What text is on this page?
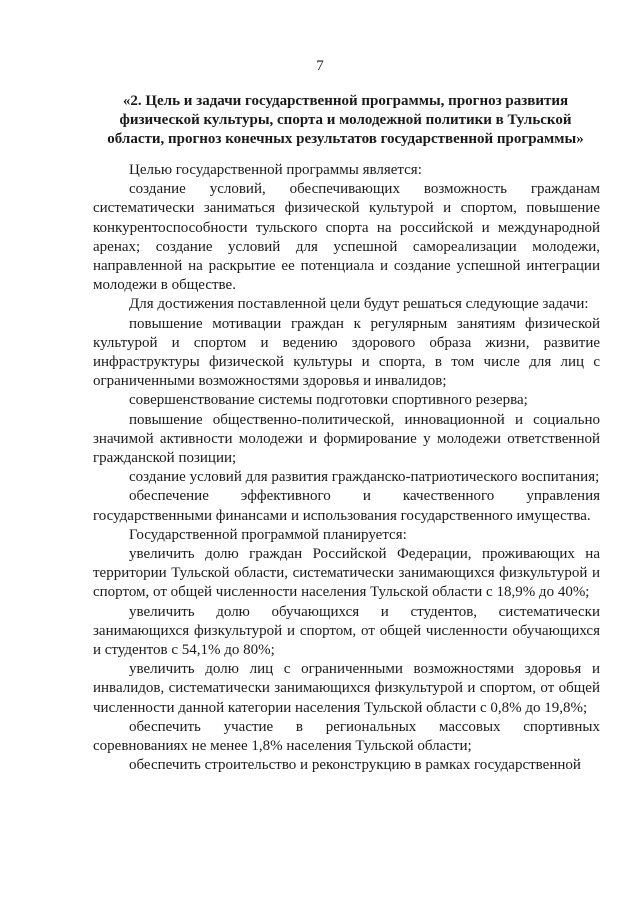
7
«2. Цель и задачи государственной программы, прогноз развития физической культуры, спорта и молодежной политики в Тульской области, прогноз конечных результатов государственной программы»

Целью государственной программы является:

создание условий, обеспечивающих возможность гражданам систематически заниматься физической культурой и спортом, повышение конкурентоспособности тульского спорта на российской и международной аренах; создание условий для успешной самореализации молодежи, направленной на раскрытие ее потенциала и создание успешной интеграции молодежи в обществе.

Для достижения поставленной цели будут решаться следующие задачи:

повышение мотивации граждан к регулярным занятиям физической культурой и спортом и ведению здорового образа жизни, развитие инфраструктуры физической культуры и спорта, в том числе для лиц с ограниченными возможностями здоровья и инвалидов;

совершенствование системы подготовки спортивного резерва;

повышение общественно-политической, инновационной и социально значимой активности молодежи и формирование у молодежи ответственной гражданской позиции;

создание условий для развития гражданско-патриотического воспитания;

обеспечение эффективного и качественного управления государственными финансами и использования государственного имущества.

Государственной программой планируется:

увеличить долю граждан Российской Федерации, проживающих на территории Тульской области, систематически занимающихся физкультурой и спортом, от общей численности населения Тульской области с 18,9% до 40%;

увеличить долю обучающихся и студентов, систематически занимающихся физкультурой и спортом, от общей численности обучающихся и студентов с 54,1% до 80%;

увеличить долю лиц с ограниченными возможностями здоровья и инвалидов, систематически занимающихся физкультурой и спортом, от общей численности данной категории населения Тульской области с 0,8% до 19,8%;

обеспечить участие в региональных массовых спортивных соревнованиях не менее 1,8% населения Тульской области;

обеспечить строительство и реконструкцию в рамках государственной
